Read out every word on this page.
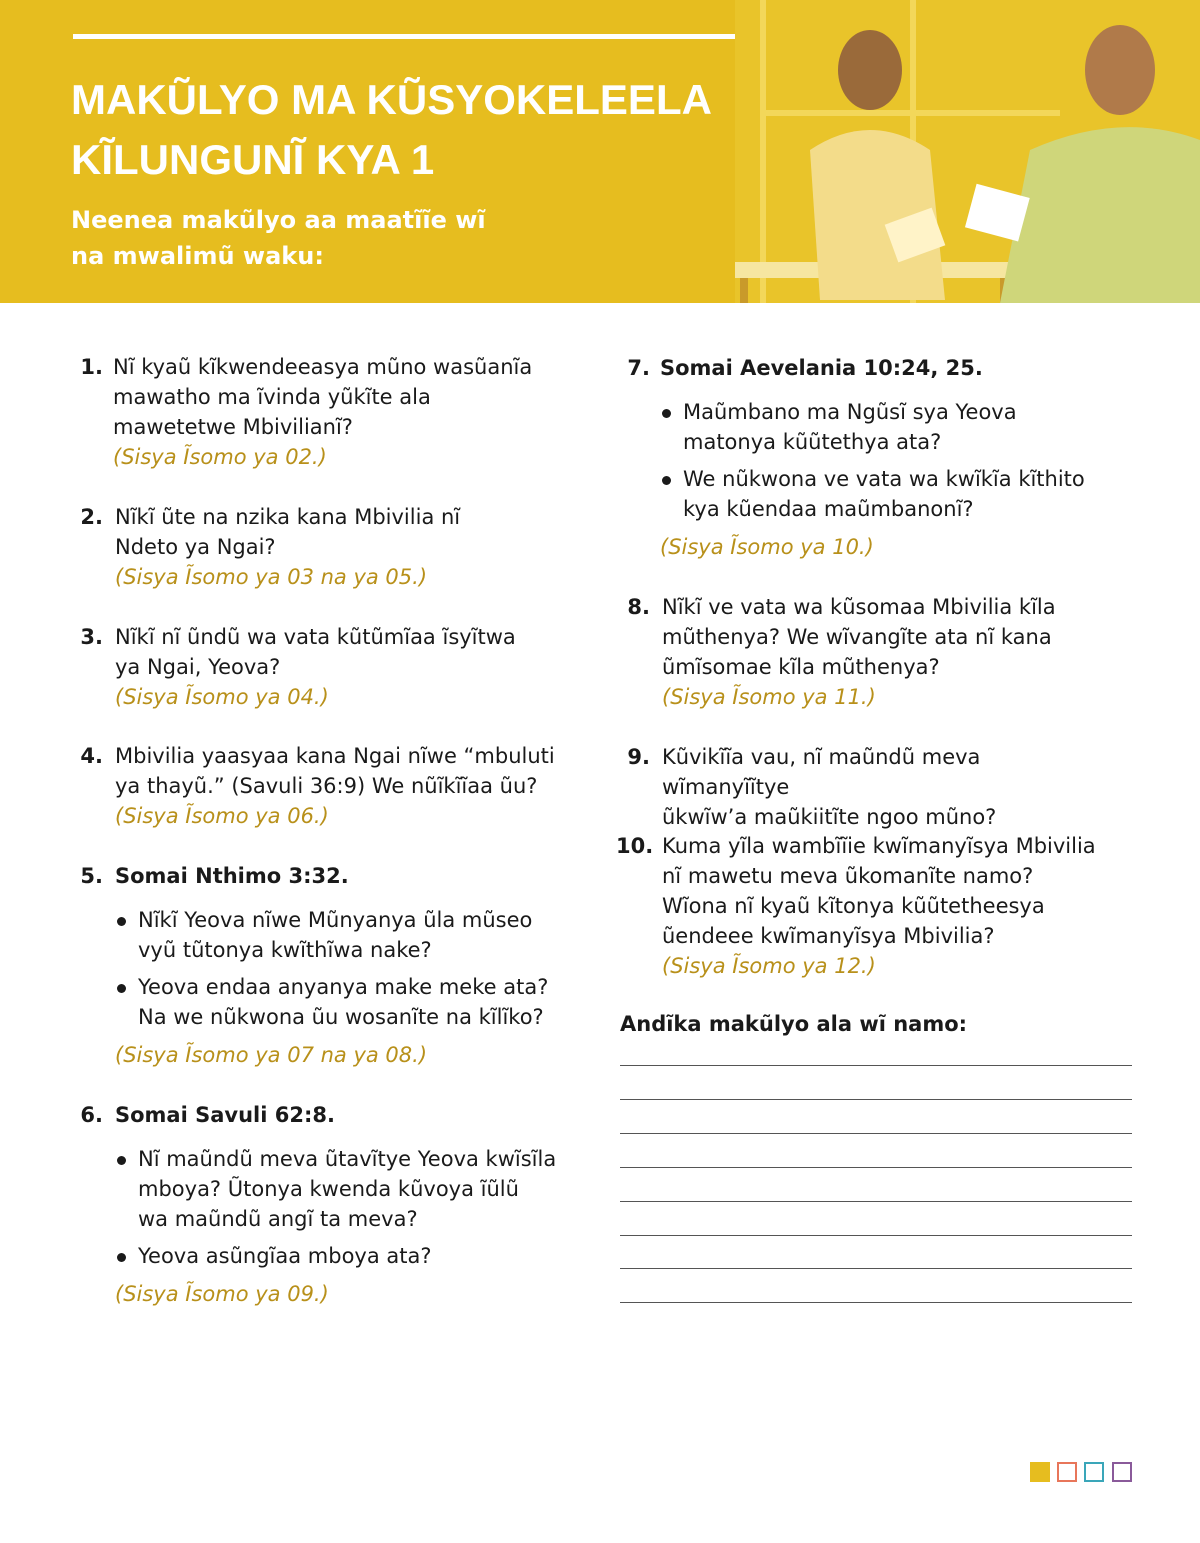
MAKŨLYO MA KŨSYOKELEELA
KĨLUNGUNĨ KYA 1
Neenea makũlyo aa maatĩĩe wĩ
na mwalimũ waku:
1. Nĩ kyaũ kĩkwendeeasya mũno wasũanĩa
mawatho ma ĩvinda yũkĩte ala
mawetetwe Mbivilianĩ?
(Sisya Ĩsomo ya 02.)
2. Nĩkĩ ũte na nzika kana Mbivilia nĩ
Ndeto ya Ngai?
(Sisya Ĩsomo ya 03 na ya 05.)
3. Nĩkĩ nĩ ũndũ wa vata kũtũmĩaa ĩsyĩtwa
ya Ngai, Yeova?
(Sisya Ĩsomo ya 04.)
4. Mbivilia yaasyaa kana Ngai nĩwe “mbuluti
ya thayũ.” (Savuli 36:9) We nũĩkĩĩaa ũu?
(Sisya Ĩsomo ya 06.)
5. Somai Nthimo 3:32.
Nĩkĩ Yeova nĩwe Mũnyanya ũla mũseo
vyũ tũtonya kwĩthĩwa nake?
Yeova endaa anyanya make meke ata?
Na we nũkwona ũu wosanĩte na kĩlĩko?
(Sisya Ĩsomo ya 07 na ya 08.)
6. Somai Savuli 62:8.
Nĩ maũndũ meva ũtavĩtye Yeova kwĩsĩla
mboya? Ũtonya kwenda kũvoya ĩũlũ
wa maũndũ angĩ ta meva?
Yeova asũngĩaa mboya ata?
(Sisya Ĩsomo ya 09.)
7. Somai Aevelania 10:24, 25.
Maũmbano ma Ngũsĩ sya Yeova
matonya kũũtethya ata?
We nũkwona ve vata wa kwĩkĩa kĩthito
kya kũendaa maũmbanonĩ?
(Sisya Ĩsomo ya 10.)
8. Nĩkĩ ve vata wa kũsomaa Mbivilia kĩla
mũthenya? We wĩvangĩte ata nĩ kana
ũmĩsomae kĩla mũthenya?
(Sisya Ĩsomo ya 11.)
9. Kũvikĩĩa vau, nĩ maũndũ meva wĩmanyĩĩtye
ũkwĩw’a maũkiitĩte ngoo mũno?
10. Kuma yĩla wambĩĩie kwĩmanyĩsya Mbivilia
nĩ mawetu meva ũkomanĩte namo?
Wĩona nĩ kyaũ kĩtonya kũũtetheesya
ũendeee kwĩmanyĩsya Mbivilia?
(Sisya Ĩsomo ya 12.)
Andĩka makũlyo ala wĩ namo:
